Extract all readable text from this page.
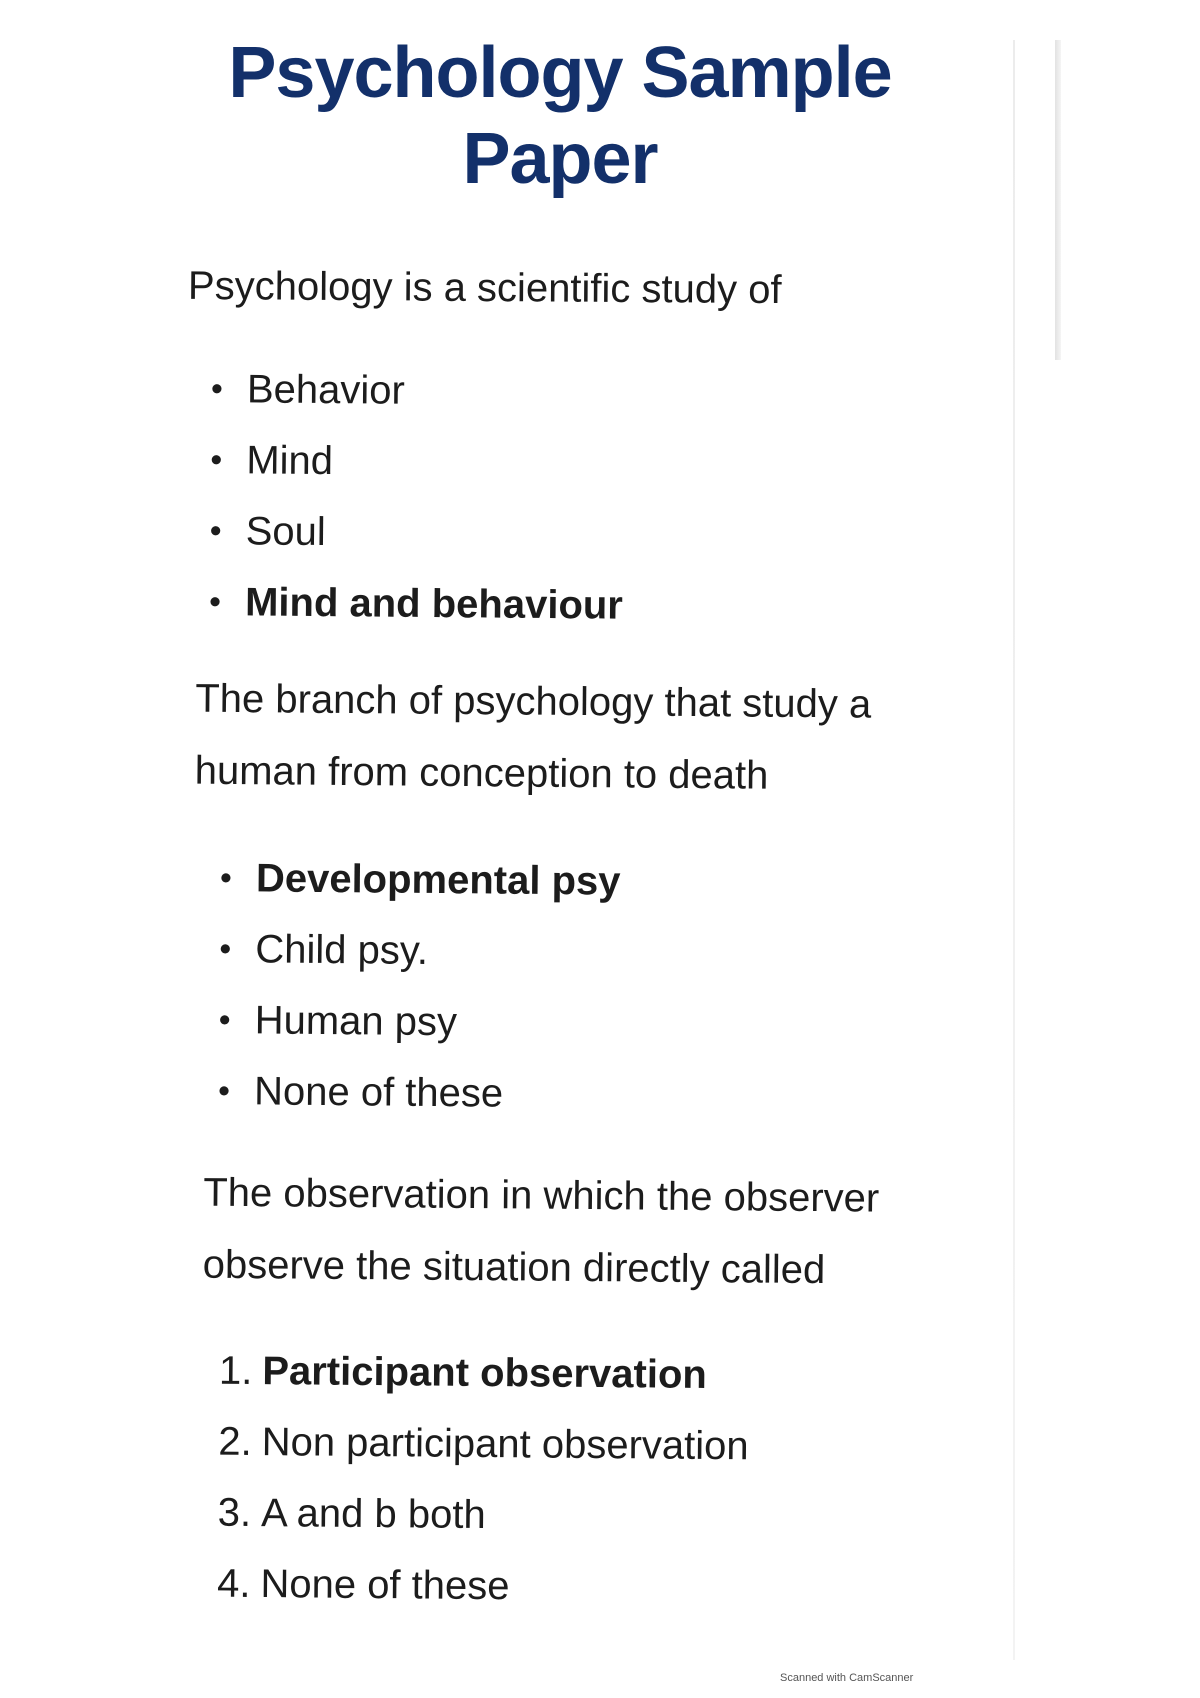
Psychology Sample
Paper

Psychology is a scientific study of

• Behavior
• Mind
• Soul
• Mind and behaviour

The branch of psychology that study a human from conception to death

• Developmental psy
• Child psy.
• Human psy
• None of these

The observation in which the observer observe the situation directly called

1. Participant observation
2. Non participant observation
3. A and b both
4. None of these
Scanned with CamScanner
